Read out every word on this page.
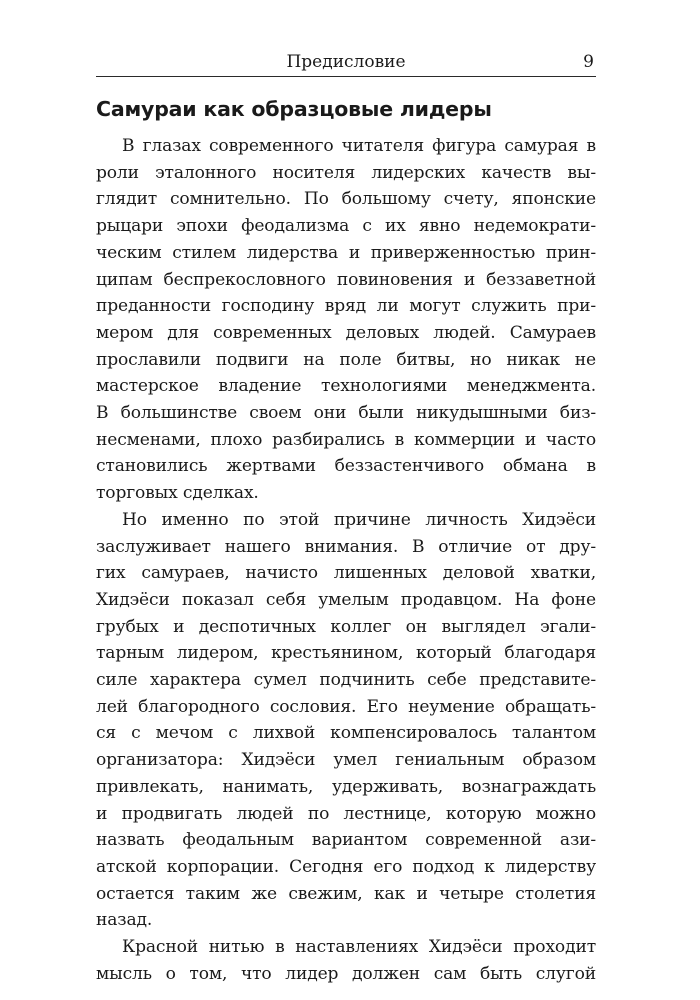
Предисловие	9
Самураи как образцовые лидеры

В глазах современного читателя фигура самурая в
роли эталонного носителя лидерских качеств вы-
глядит сомнительно. По большому счету, японские
рыцари эпохи феодализма с их явно недемократи-
ческим стилем лидерства и приверженностью прин-
ципам беспрекословного повиновения и беззаветной
преданности господину вряд ли могут служить при-
мером для современных деловых людей. Самураев
прославили подвиги на поле битвы, но никак не
мастерское владение технологиями менеджмента.
В большинстве своем они были никудышными биз-
несменами, плохо разбирались в коммерции и часто
становились жертвами беззастенчивого обмана в
торговых сделках.

Но именно по этой причине личность Хидэёси
заслуживает нашего внимания. В отличие от дру-
гих самураев, начисто лишенных деловой хватки,
Хидэёси показал себя умелым продавцом. На фоне
грубых и деспотичных коллег он выглядел эгали-
тарным лидером, крестьянином, который благодаря
силе характера сумел подчинить себе представите-
лей благородного сословия. Его неумение обращать-
ся с мечом с лихвой компенсировалось талантом
организатора: Хидэёси умел гениальным образом
привлекать, нанимать, удерживать, вознаграждать
и продвигать людей по лестнице, которую можно
назвать феодальным вариантом современной ази-
атской корпорации. Сегодня его подход к лидерству
остается таким же свежим, как и четыре столетия
назад.

Красной нитью в наставлениях Хидэёси проходит
мысль о том, что лидер должен сам быть слугой
